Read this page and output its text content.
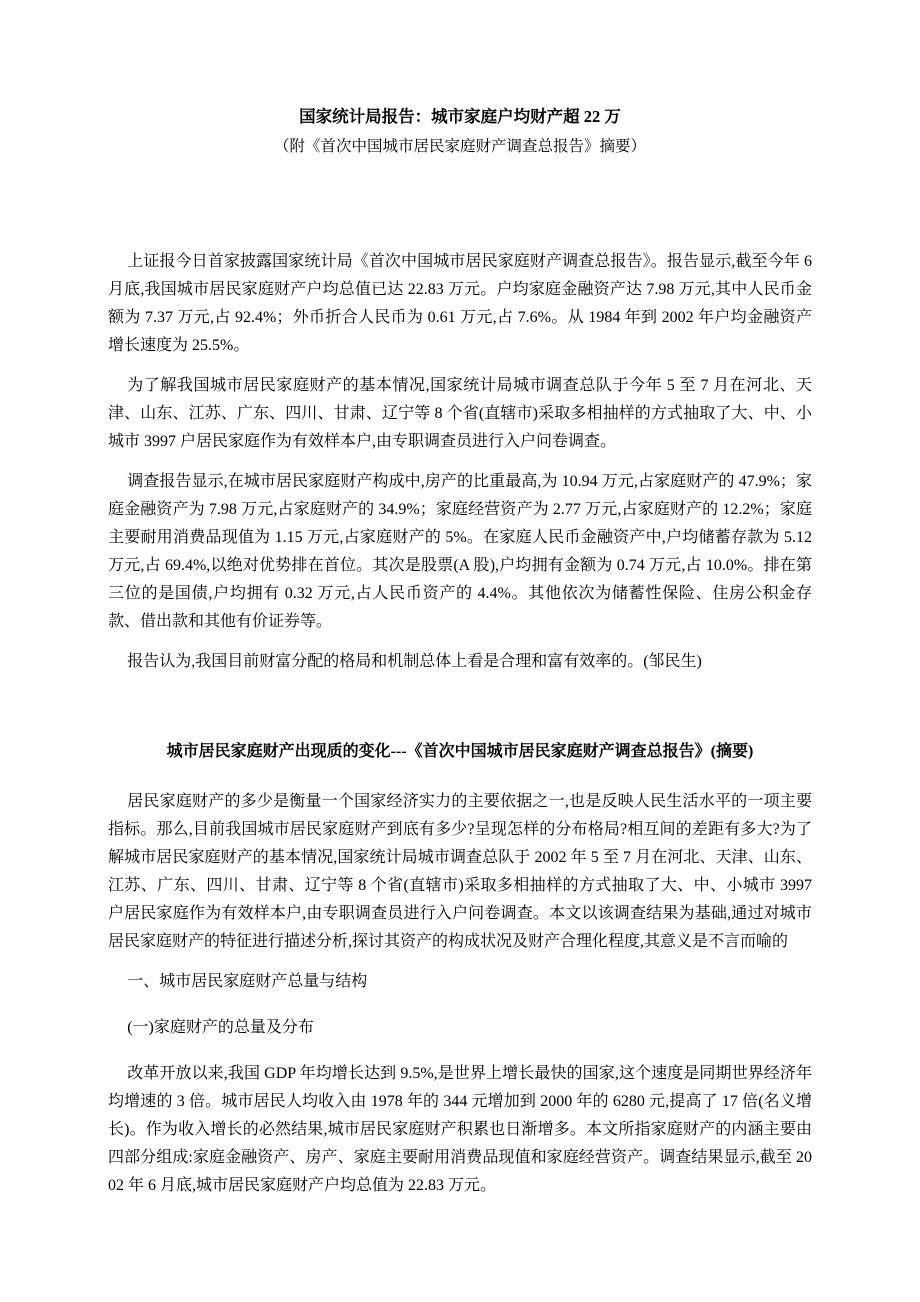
国家统计局报告：城市家庭户均财产超 22 万
（附《首次中国城市居民家庭财产调查总报告》摘要）

上证报今日首家披露国家统计局《首次中国城市居民家庭财产调查总报告》。报告显示,截至今年 6 月底,我国城市居民家庭财产户均总值已达 22.83 万元。户均家庭金融资产达 7.98 万元,其中人民币金额为 7.37 万元,占 92.4%；外币折合人民币为 0.61 万元,占 7.6%。从 1984 年到 2002 年户均金融资产增长速度为 25.5%。

为了解我国城市居民家庭财产的基本情况,国家统计局城市调查总队于今年 5 至 7 月在河北、天津、山东、江苏、广东、四川、甘肃、辽宁等 8 个省(直辖市)采取多相抽样的方式抽取了大、中、小城市 3997 户居民家庭作为有效样本户,由专职调查员进行入户问卷调查。

调查报告显示,在城市居民家庭财产构成中,房产的比重最高,为 10.94 万元,占家庭财产的 47.9%；家庭金融资产为 7.98 万元,占家庭财产的 34.9%；家庭经营资产为 2.77 万元,占家庭财产的 12.2%；家庭主要耐用消费品现值为 1.15 万元,占家庭财产的 5%。在家庭人民币金融资产中,户均储蓄存款为 5.12 万元,占 69.4%,以绝对优势排在首位。其次是股票(A 股),户均拥有金额为 0.74 万元,占 10.0%。排在第三位的是国债,户均拥有 0.32 万元,占人民币资产的 4.4%。其他依次为储蓄性保险、住房公积金存款、借出款和其他有价证券等。

报告认为,我国目前财富分配的格局和机制总体上看是合理和富有效率的。(邹民生)

城市居民家庭财产出现质的变化---《首次中国城市居民家庭财产调查总报告》(摘要)

居民家庭财产的多少是衡量一个国家经济实力的主要依据之一,也是反映人民生活水平的一项主要指标。那么,目前我国城市居民家庭财产到底有多少?呈现怎样的分布格局?相互间的差距有多大?为了解城市居民家庭财产的基本情况,国家统计局城市调查总队于 2002 年 5 至 7 月在河北、天津、山东、江苏、广东、四川、甘肃、辽宁等 8 个省(直辖市)采取多相抽样的方式抽取了大、中、小城市 3997 户居民家庭作为有效样本户,由专职调查员进行入户问卷调查。本文以该调查结果为基础,通过对城市居民家庭财产的特征进行描述分析,探讨其资产的构成状况及财产合理化程度,其意义是不言而喻的

一、城市居民家庭财产总量与结构
(一)家庭财产的总量及分布

改革开放以来,我国 GDP 年均增长达到 9.5%,是世界上增长最快的国家,这个速度是同期世界经济年均增速的 3 倍。城市居民人均收入由 1978 年的 344 元增加到 2000 年的 6280 元,提高了 17 倍(名义增长)。作为收入增长的必然结果,城市居民家庭财产积累也日渐增多。本文所指家庭财产的内涵主要由四部分组成:家庭金融资产、房产、家庭主要耐用消费品现值和家庭经营资产。调查结果显示,截至 2002 年 6 月底,城市居民家庭财产户均总值为 22.83 万元。
